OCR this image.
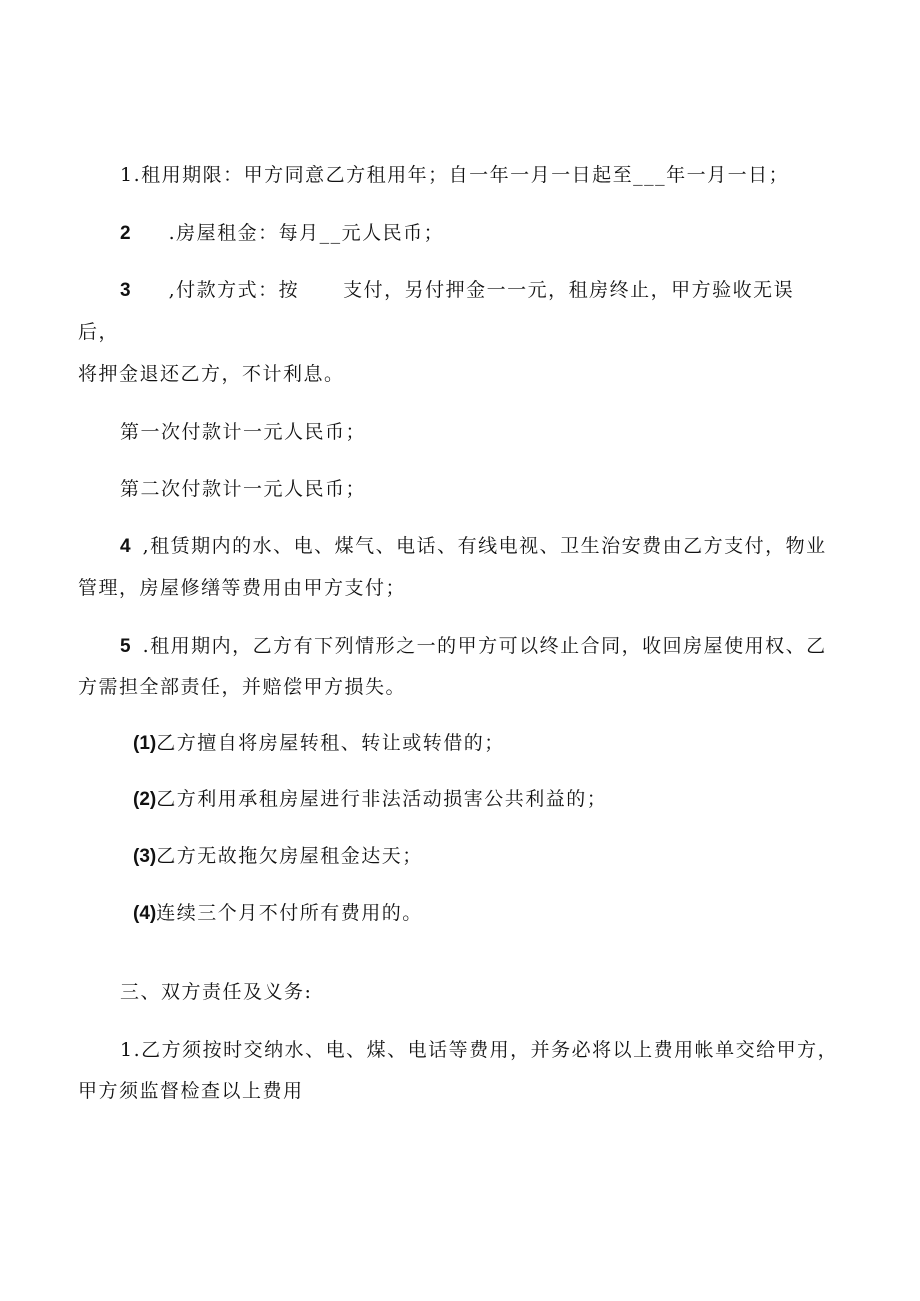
1.租用期限：甲方同意乙方租用年；自一年一月一日起至___年一月一日；
2 .房屋租金：每月__元人民币；
3 ,付款方式：按 支付，另付押金一一元，租房终止，甲方验收无误
后，
将押金退还乙方，不计利息。
第一次付款计一元人民币；
第二次付款计一元人民币；
4 ,租赁期内的水、电、煤气、电话、有线电视、卫生治安费由乙方支付，物业
管理，房屋修缮等费用由甲方支付；
5 .租用期内，乙方有下列情形之一的甲方可以终止合同，收回房屋使用权、乙
方需担全部责任，并赔偿甲方损失。
(1)乙方擅自将房屋转租、转让或转借的；
(2)乙方利用承租房屋进行非法活动损害公共利益的；
(3)乙方无故拖欠房屋租金达天；
(4)连续三个月不付所有费用的。
三、双方责任及义务:
1.乙方须按时交纳水、电、煤、电话等费用，并务必将以上费用帐单交给甲方，
甲方须监督检查以上费用
